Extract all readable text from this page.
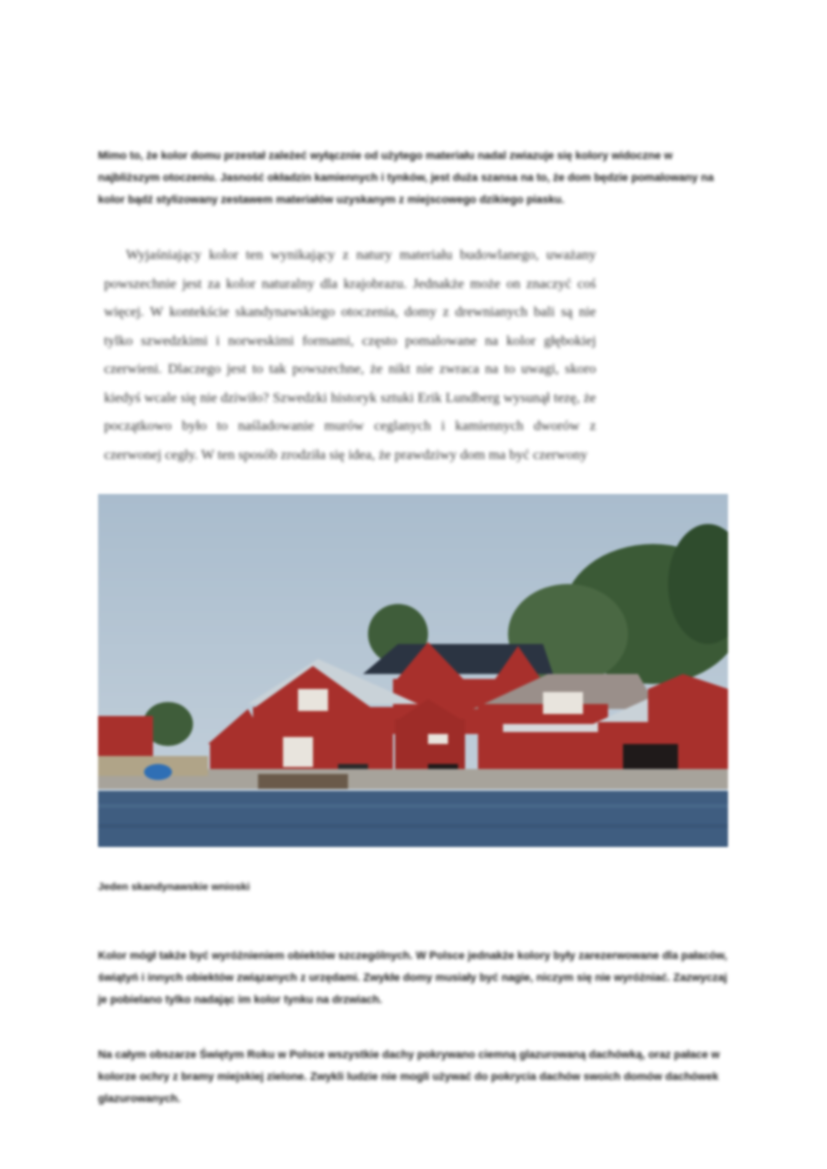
Mimo to, że kolor domu przestał zależeć wyłącznie od użytego materiału nadal zwiazuje się kolory widoczne w najbliższym otoczeniu. Jasność okładzin kamiennych i tynków, jest duża szansa na to, że dom będzie pomalowany na kolor bądź stylizowany zestawem materiałów uzyskanym z miejscowego dzikiego piasku.

Wyjaśniający kolor ten wynikający z natury materiału budowlanego, uważany powszechnie jest za kolor naturalny dla krajobrazu. Jednakże może on znaczyć coś więcej. W kontekście skandynawskiego otoczenia, domy z drewnianych bali są nie tylko szwedzkimi i norweskimi formami, często pomalowane na kolor głębokiej czerwieni. Dlaczego jest to tak powszechne, że nikt nie zwraca na to uwagi, skoro kiedyś wcale się nie dziwiło? Szwedzki historyk sztuki Erik Lundberg wysunął tezę, że początkowo było to naśladowanie murów ceglanych i kamiennych dworów z czerwonej cegły. W ten sposób zrodziła się idea, że prawdziwy dom ma być czerwony

Jeden skandynawskie wnioski

Kolor mógł także być wyróżnieniem obiektów szczególnych. W Polsce jednakże kolory były zarezerwowane dla pałaców, świątyń i innych obiektów związanych z urzędami. Zwykłe domy musiały być nagie, niczym się nie wyróżniać. Zazwyczaj je pobielano tylko nadając im kolor tynku na drzwiach.

Na całym obszarze Świętym Roku w Polsce wszystkie dachy pokrywano ciemną glazurowaną dachówką, oraz pałace w kolorze ochry z bramy miejskiej zielone. Zwykli ludzie nie mogli używać do pokrycia dachów swoich domów dachówek glazurowanych.
